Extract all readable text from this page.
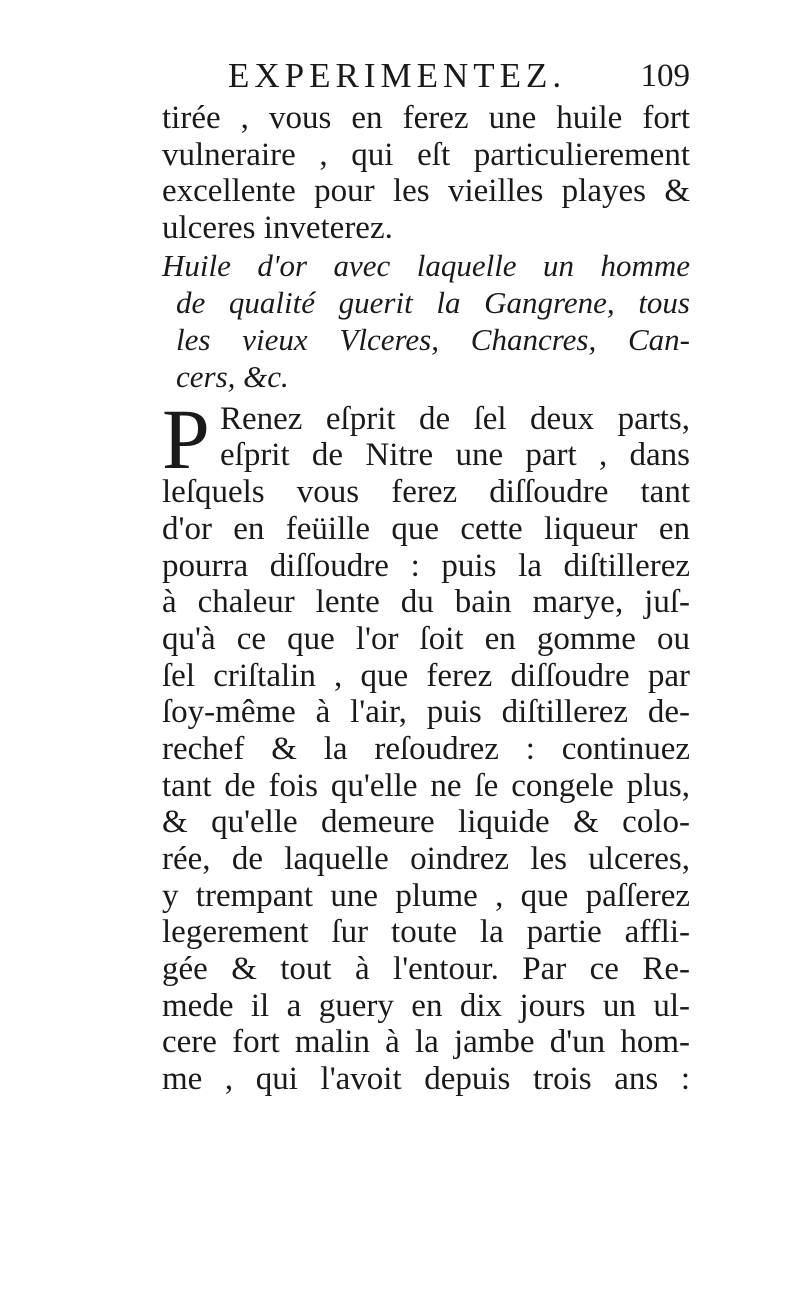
EXPERIMENTEZ. 109
tirée , vous en ferez une huile fort
vulneraire , qui eſt particulierement
excellente pour les vieilles playes &
ulceres inveterez.
Huile d'or avec laquelle un homme
de qualité guerit la Gangrene, tous
les vieux Vlceres, Chancres, Can-
cers, &c.
P Renez eſprit de ſel deux parts,
eſprit de Nitre une part , dans
leſquels vous ferez diſſoudre tant
d'or en feüille que cette liqueur en
pourra diſſoudre : puis la diſtillerez
à chaleur lente du bain marye, juſ-
qu'à ce que l'or ſoit en gomme ou
ſel criſtalin , que ferez diſſoudre par
ſoy-même à l'air, puis diſtillerez de-
rechef & la reſoudrez : continuez
tant de fois qu'elle ne ſe congele plus,
& qu'elle demeure liquide & colo-
rée, de laquelle oindrez les ulceres,
y trempant une plume , que paſſerez
legerement ſur toute la partie affli-
gée & tout à l'entour. Par ce Re-
mede il a guery en dix jours un ul-
cere fort malin à la jambe d'un hom-
me , qui l'avoit depuis trois ans :
